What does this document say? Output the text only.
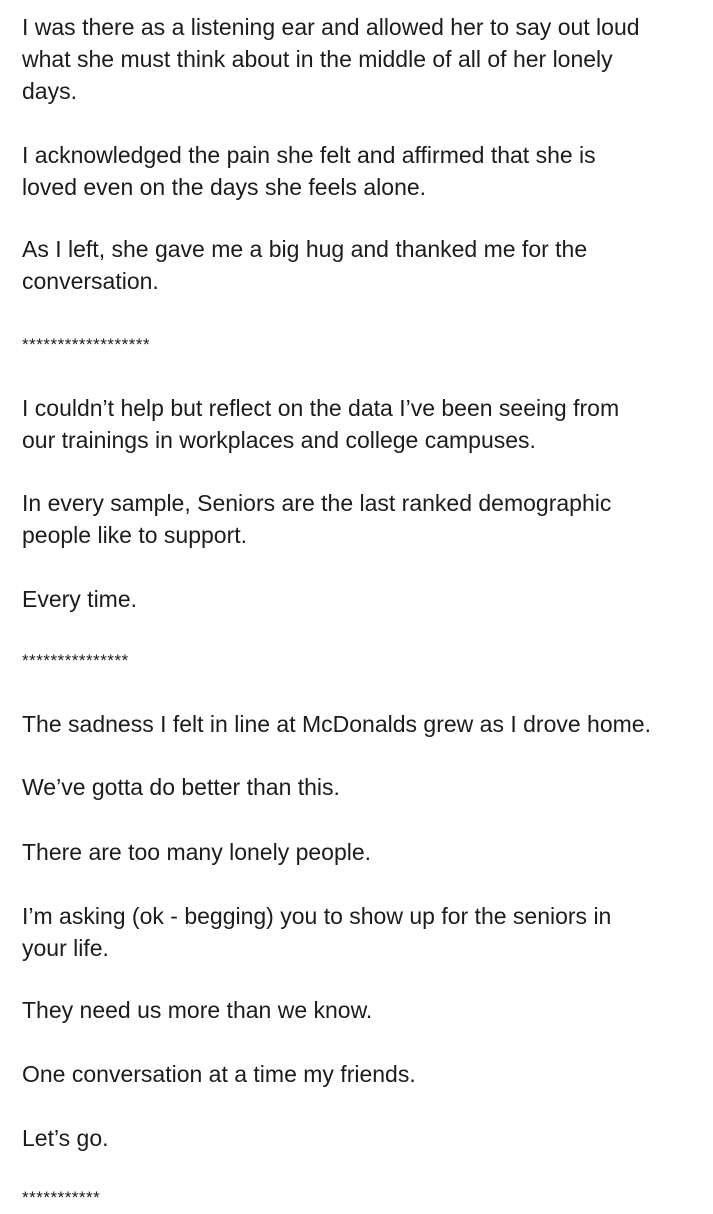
I was there as a listening ear and allowed her to say out loud
what she must think about in the middle of all of her lonely
days.
I acknowledged the pain she felt and affirmed that she is
loved even on the days she feels alone.
As I left, she gave me a big hug and thanked me for the
conversation.
******************
I couldn’t help but reflect on the data I’ve been seeing from
our trainings in workplaces and college campuses.
In every sample, Seniors are the last ranked demographic
people like to support.
Every time.
***************
The sadness I felt in line at McDonalds grew as I drove home.
We’ve gotta do better than this.
There are too many lonely people.
I’m asking (ok - begging) you to show up for the seniors in
your life.
They need us more than we know.
One conversation at a time my friends.
Let’s go.
***********
